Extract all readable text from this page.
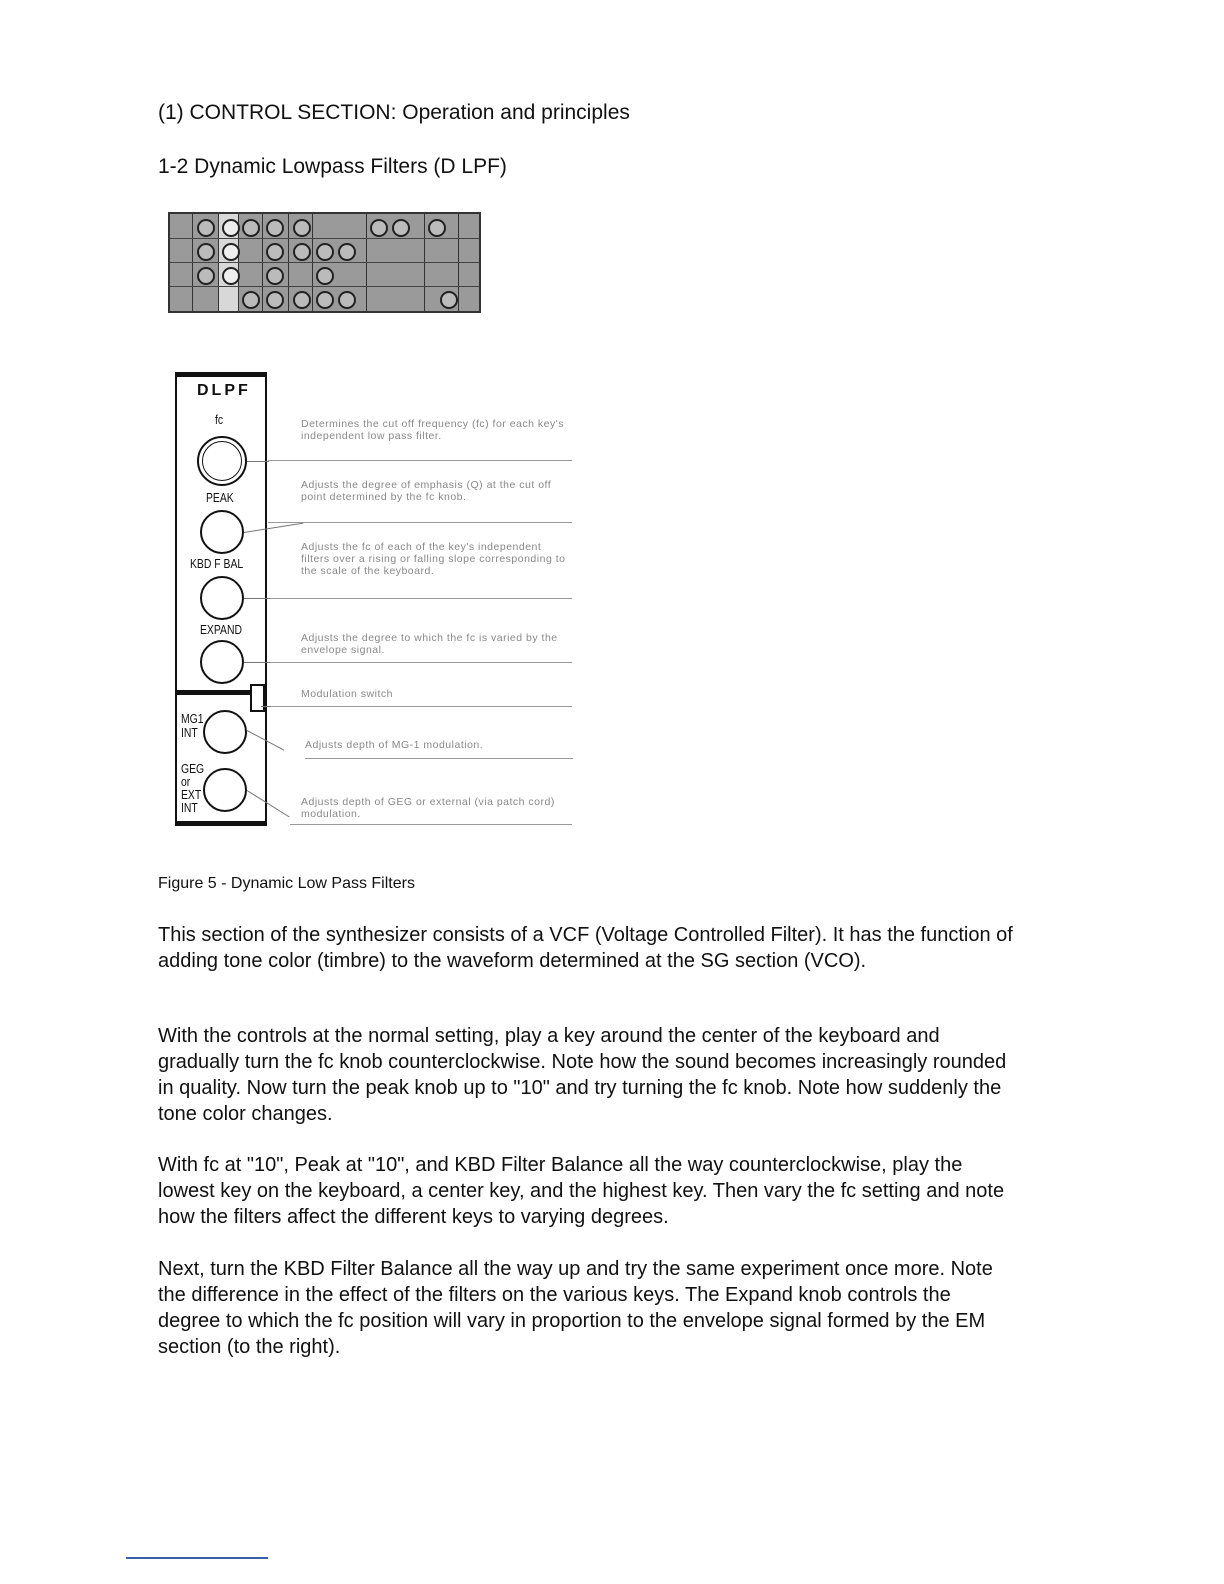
(1) CONTROL SECTION: Operation and principles
1-2 Dynamic Lowpass Filters (D LPF)
DLPF
fc
PEAK
KBD F BAL
EXPAND
MG1
INT
GEG
or
EXT
INT
Determines the cut off frequency (fc) for each key's independent low pass filter.
Adjusts the degree of emphasis (Q) at the cut off point determined by the fc knob.
Adjusts the fc of each of the key's independent filters over a rising or falling slope corresponding to the scale of the keyboard.
Adjusts the degree to which the fc is varied by the envelope signal.
Modulation switch
Adjusts depth of MG-1 modulation.
Adjusts depth of GEG or external (via patch cord) modulation.
Figure 5 - Dynamic Low Pass Filters

This section of the synthesizer consists of a VCF (Voltage Controlled Filter). It has the function of adding tone color (timbre) to the waveform determined at the SG section (VCO).

With the controls at the normal setting, play a key around the center of the keyboard and gradually turn the fc knob counterclockwise. Note how the sound becomes increasingly rounded in quality. Now turn the peak knob up to "10" and try turning the fc knob. Note how suddenly the tone color changes.

With fc at "10", Peak at "10", and KBD Filter Balance all the way counterclockwise, play the lowest key on the keyboard, a center key, and the highest key. Then vary the fc setting and note how the filters affect the different keys to varying degrees.

Next, turn the KBD Filter Balance all the way up and try the same experiment once more. Note the difference in the effect of the filters on the various keys. The Expand knob controls the degree to which the fc position will vary in proportion to the envelope signal formed by the EM section (to the right).
